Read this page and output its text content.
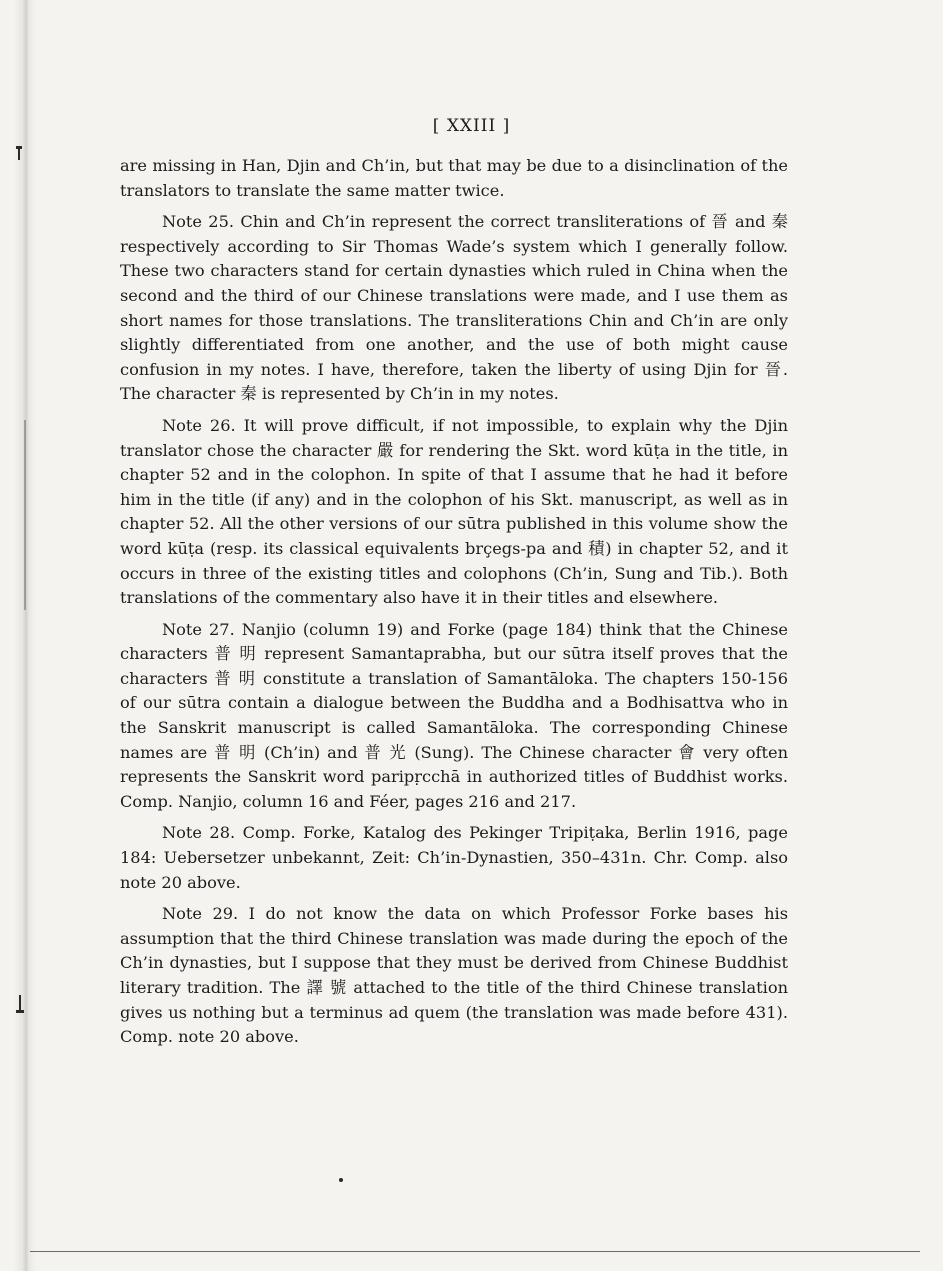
[ XXIII ]

are missing in Han, Djin and Ch’in, but that may be due to a disinclination of the translators to translate the same matter twice.

Note 25. Chin and Ch’in represent the correct transliterations of 晉 and 秦 respectively according to Sir Thomas Wade’s system which I generally follow. These two characters stand for certain dynasties which ruled in China when the second and the third of our Chinese translations were made, and I use them as short names for those translations. The transliterations Chin and Ch’in are only slightly differentiated from one another, and the use of both might cause confusion in my notes. I have, therefore, taken the liberty of using Djin for 晉. The character 秦 is represented by Ch’in in my notes.

Note 26. It will prove difficult, if not impossible, to explain why the Djin translator chose the character 嚴 for rendering the Skt. word kūṭa in the title, in chapter 52 and in the colophon. In spite of that I assume that he had it before him in the title (if any) and in the colophon of his Skt. manuscript, as well as in chapter 52. All the other versions of our sūtra published in this volume show the word kūṭa (resp. its classical equivalents brçegs-pa and 積) in chapter 52, and it occurs in three of the existing titles and colophons (Ch’in, Sung and Tib.). Both translations of the commentary also have it in their titles and elsewhere.

Note 27. Nanjio (column 19) and Forke (page 184) think that the Chinese characters 普 明 represent Samantaprabha, but our sūtra itself proves that the characters 普 明 constitute a translation of Samantāloka. The chapters 150-156 of our sūtra contain a dialogue between the Buddha and a Bodhisattva who in the Sanskrit manuscript is called Samantāloka. The corresponding Chinese names are 普 明 (Ch’in) and 普 光 (Sung). The Chinese character 會 very often represents the Sanskrit word paripṛcchā in authorized titles of Buddhist works. Comp. Nanjio, column 16 and Féer, pages 216 and 217.

Note 28. Comp. Forke, Katalog des Pekinger Tripiṭaka, Berlin 1916, page 184: Uebersetzer unbekannt, Zeit: Ch’in-Dynastien, 350–431n. Chr. Comp. also note 20 above.

Note 29. I do not know the data on which Professor Forke bases his assumption that the third Chinese translation was made during the epoch of the Ch’in dynasties, but I suppose that they must be derived from Chinese Buddhist literary tradition. The 譯 號 attached to the title of the third Chinese translation gives us nothing but a terminus ad quem (the translation was made before 431). Comp. note 20 above.
